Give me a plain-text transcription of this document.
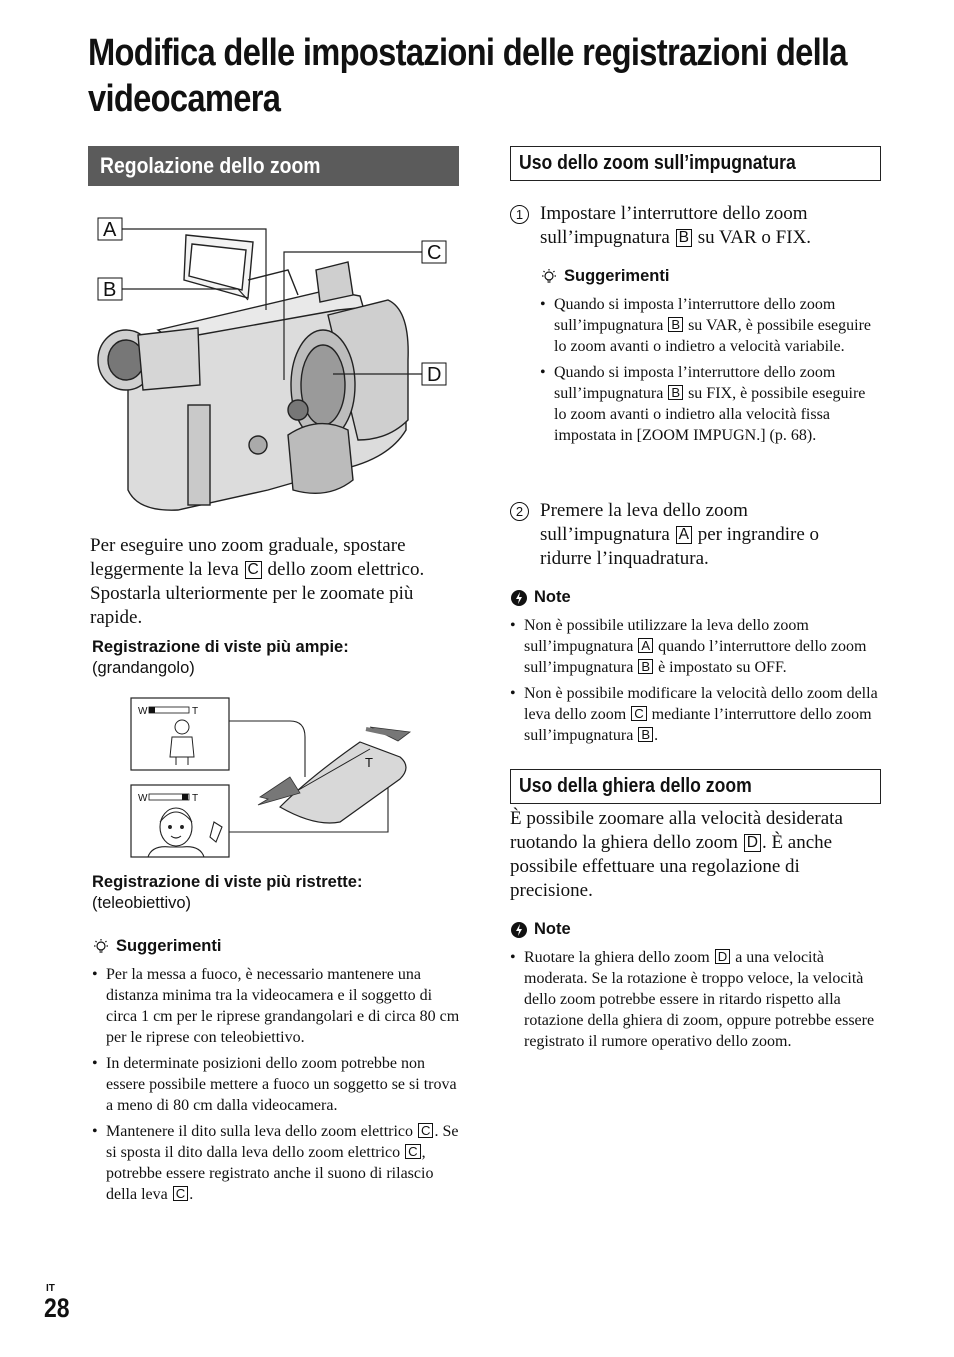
Modifica delle impostazioni delle registrazioni della videocamera
Regolazione dello zoom
A
B
C
D
Per eseguire uno zoom graduale, spostare leggermente la leva C dello zoom elettrico. Spostarla ulteriormente per le zoomate più rapide.
Registrazione di viste più ampie:
(grandangolo)
W	T
W	T
T
Registrazione di viste più ristrette:
(teleobiettivo)
Suggerimenti
• Per la messa a fuoco, è necessario mantenere una distanza minima tra la videocamera e il soggetto di circa 1 cm per le riprese grandangolari e di circa 80 cm per le riprese con teleobiettivo.
• In determinate posizioni dello zoom potrebbe non essere possibile mettere a fuoco un soggetto se si trova a meno di 80 cm dalla videocamera.
• Mantenere il dito sulla leva dello zoom elettrico C . Se si sposta il dito dalla leva dello zoom elettrico C , potrebbe essere registrato anche il suono di rilascio della leva C .
Uso dello zoom sull’impugnatura
1 Impostare l’interruttore dello zoom sull’impugnatura B su VAR o FIX.
Suggerimenti
• Quando si imposta l’interruttore dello zoom sull’impugnatura B su VAR, è possibile eseguire lo zoom avanti o indietro a velocità variabile.
• Quando si imposta l’interruttore dello zoom sull’impugnatura B su FIX, è possibile eseguire lo zoom avanti o indietro alla velocità fissa impostata in [ZOOM IMPUGN.] (p. 68).
2 Premere la leva dello zoom sull’impugnatura A per ingrandire o ridurre l’inquadratura.
Note
• Non è possibile utilizzare la leva dello zoom sull’impugnatura A quando l’interruttore dello zoom sull’impugnatura B è impostato su OFF.
• Non è possibile modificare la velocità dello zoom della leva dello zoom C mediante l’interruttore dello zoom sull’impugnatura B .
Uso della ghiera dello zoom
È possibile zoomare alla velocità desiderata ruotando la ghiera dello zoom D . È anche possibile effettuare una regolazione di precisione.
Note
• Ruotare la ghiera dello zoom D a una velocità moderata. Se la rotazione è troppo veloce, la velocità dello zoom potrebbe essere in ritardo rispetto alla rotazione della ghiera di zoom, oppure potrebbe essere registrato il rumore operativo dello zoom.
IT
28
